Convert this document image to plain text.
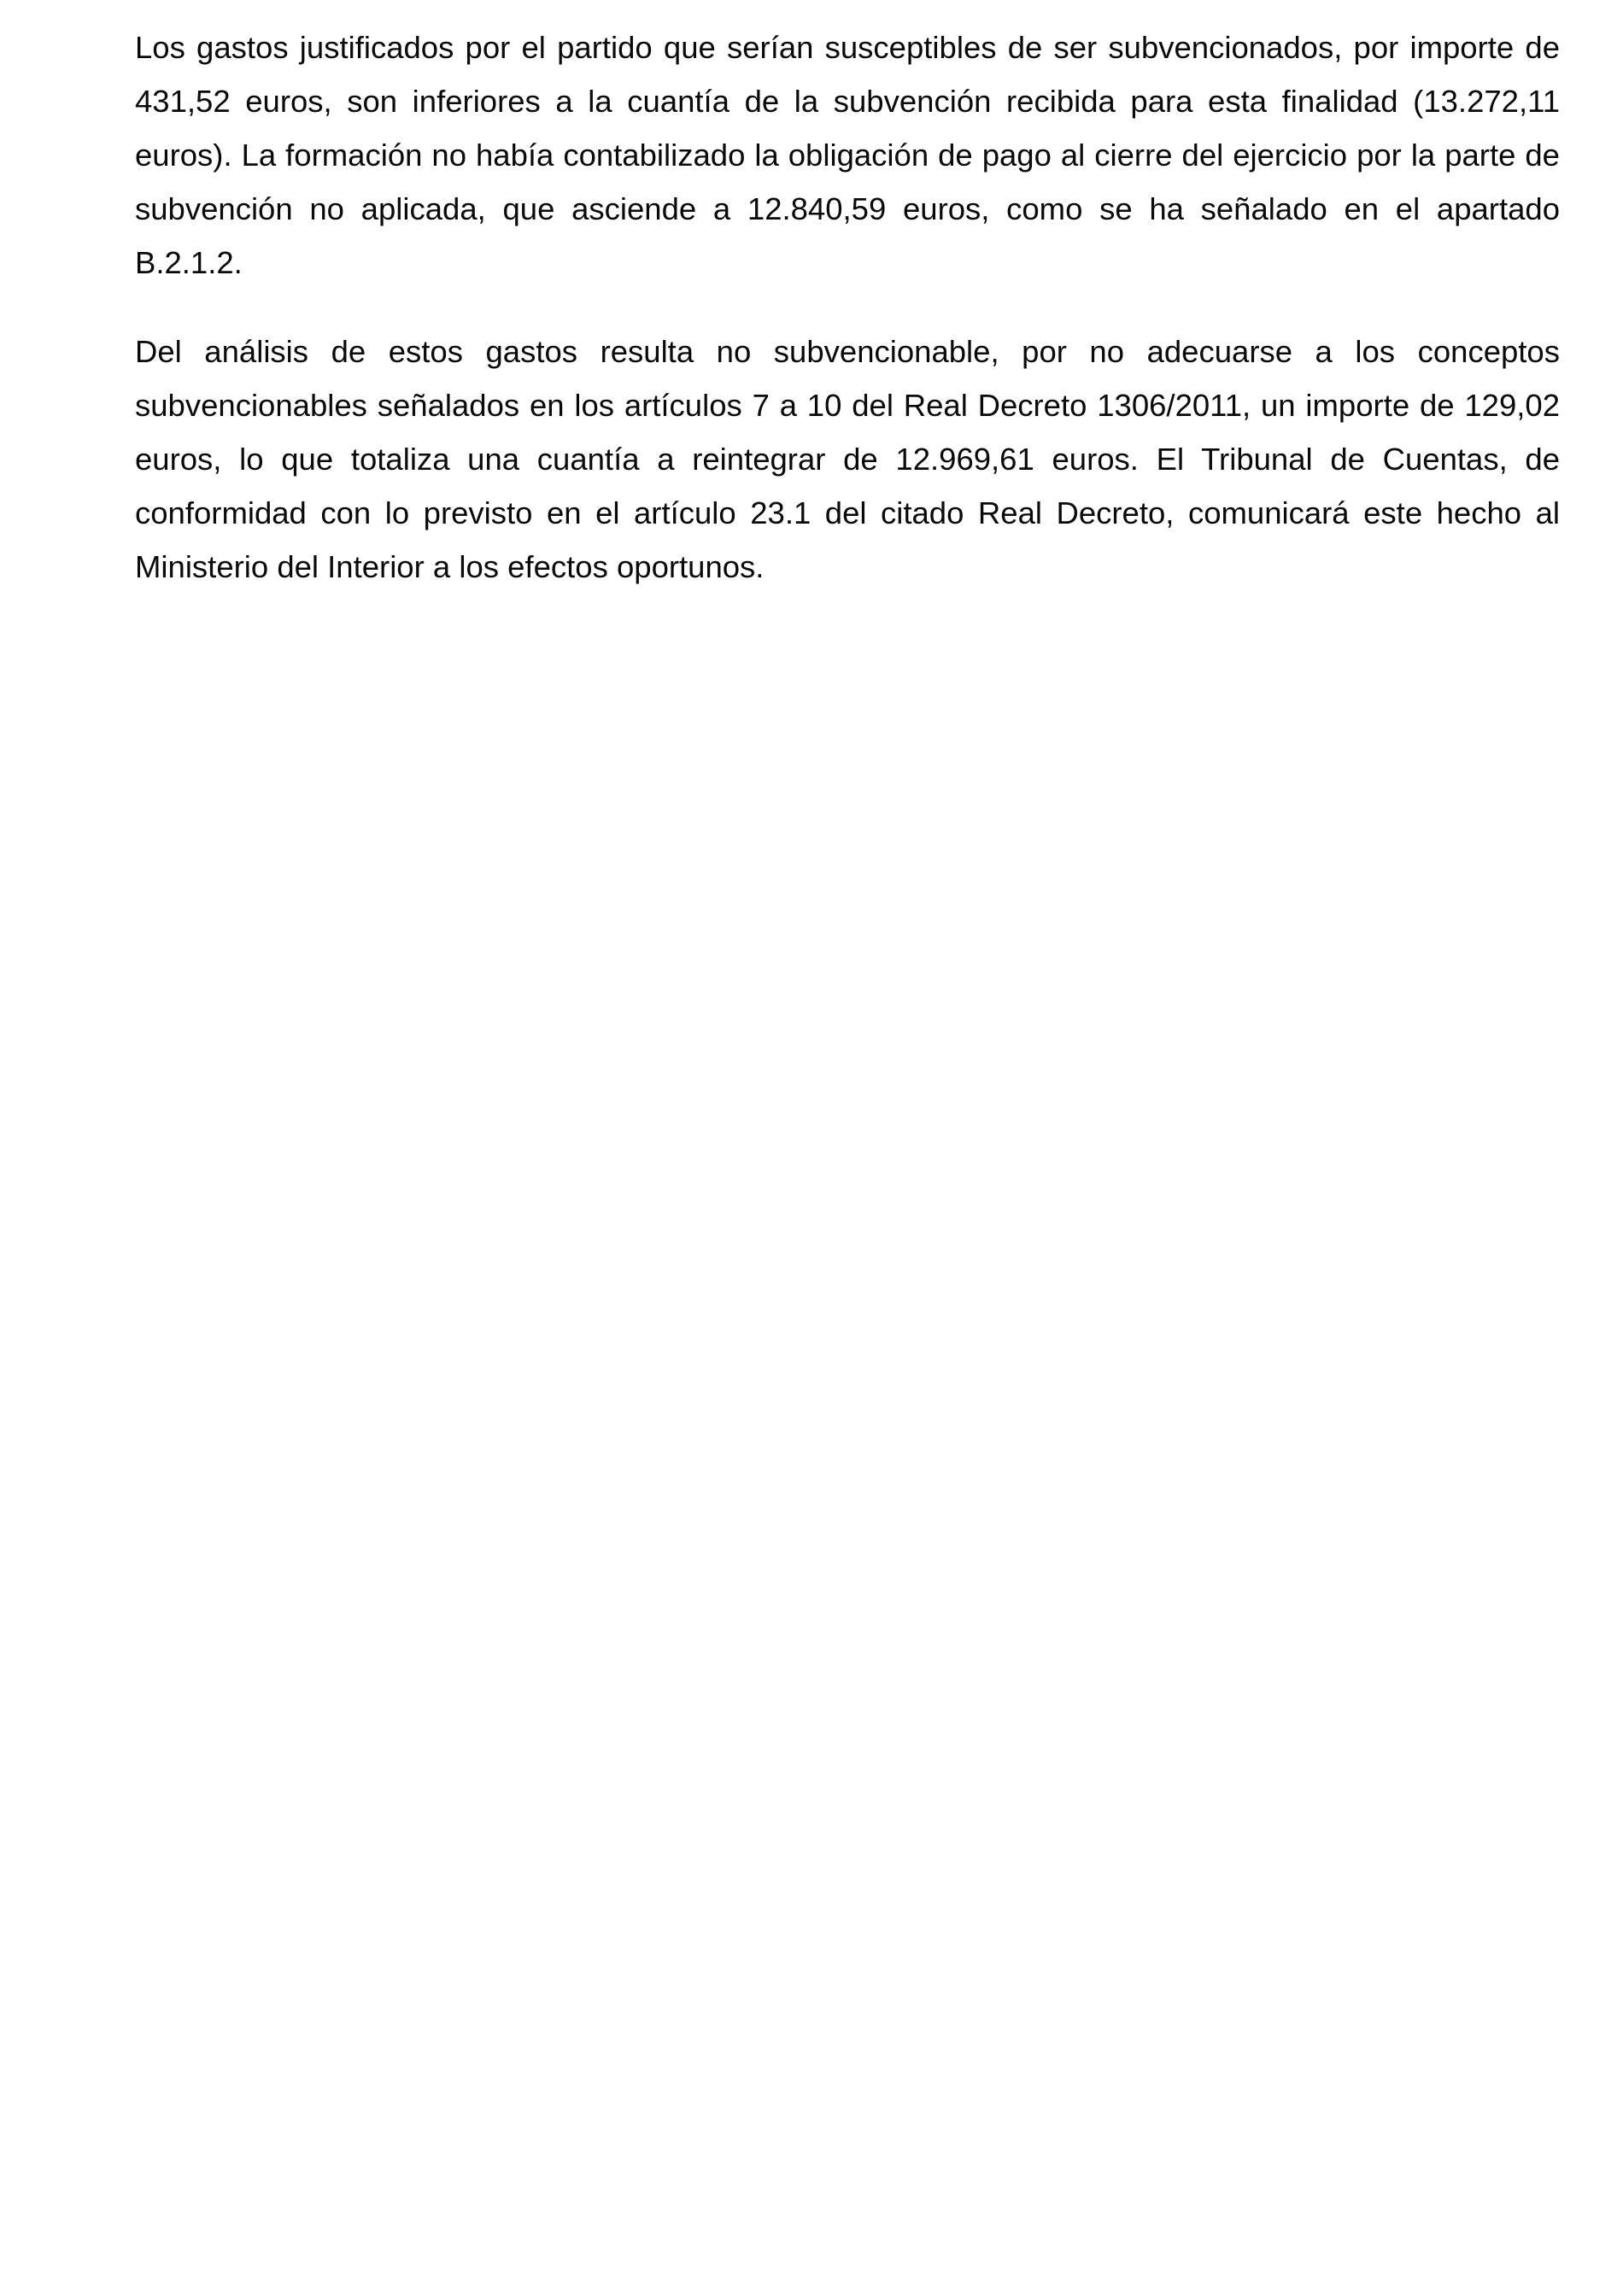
Los gastos justificados por el partido que serían susceptibles de ser subvencionados, por importe de 431,52 euros, son inferiores a la cuantía de la subvención recibida para esta finalidad (13.272,11 euros). La formación no había contabilizado la obligación de pago al cierre del ejercicio por la parte de subvención no aplicada, que asciende a 12.840,59 euros, como se ha señalado en el apartado B.2.1.2.

Del análisis de estos gastos resulta no subvencionable, por no adecuarse a los conceptos subvencionables señalados en los artículos 7 a 10 del Real Decreto 1306/2011, un importe de 129,02 euros, lo que totaliza una cuantía a reintegrar de 12.969,61 euros. El Tribunal de Cuentas, de conformidad con lo previsto en el artículo 23.1 del citado Real Decreto, comunicará este hecho al Ministerio del Interior a los efectos oportunos.
